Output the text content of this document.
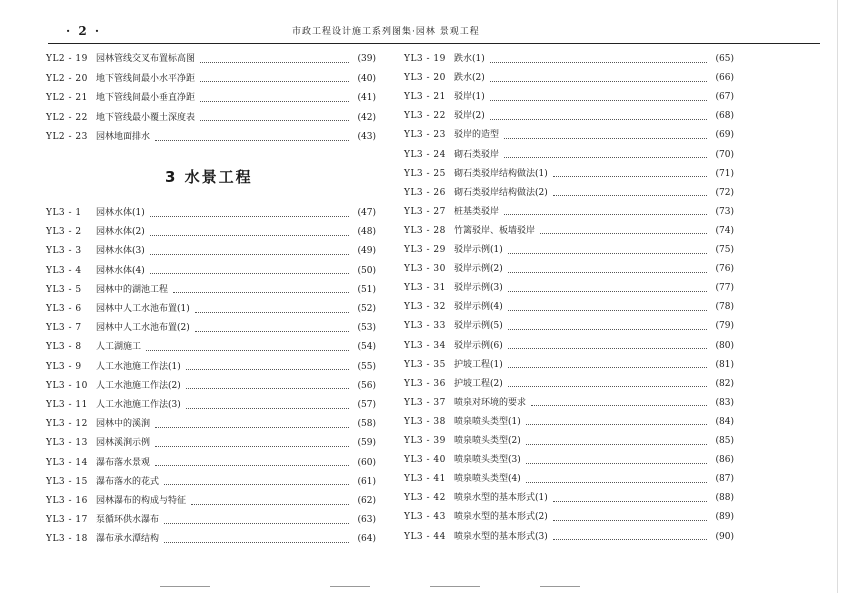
· 2 ·	市政工程设计施工系列图集·园林 景观工程
YL2 - 19 园林管线交叉布置标高图	(39)
YL2 - 20 地下管线间最小水平净距	(40)
YL2 - 21 地下管线间最小垂直净距	(41)
YL2 - 22 地下管线最小覆土深度表	(42)
YL2 - 23 园林地面排水	(43)
YL3 - 1	园林水体(1)	(47)
YL3 - 2	园林水体(2)	(48)
YL3 - 3	园林水体(3)	(49)
YL3 - 4	园林水体(4)	(50)
YL3 - 5	园林中的湖池工程	(51)
YL3 - 6	园林中人工水池布置(1)	(52)
YL3 - 7	园林中人工水池布置(2)	(53)
YL3 - 8	人工湖施工	(54)
YL3 - 9	人工水池施工作法(1)	(55)
YL3 - 10 人工水池施工作法(2)	(56)
YL3 - 11 人工水池施工作法(3)	(57)
YL3 - 12 园林中的溪涧	(58)
YL3 - 13 园林溪涧示例	(59)
YL3 - 14 瀑布落水景观	(60)
YL3 - 15 瀑布落水的花式	(61)
YL3 - 16 园林瀑布的构成与特征	(62)
YL3 - 17 泵循环供水瀑布	(63)
YL3 - 18 瀑布承水潭结构	(64)
3 水景工程
YL3 - 19 跌水(1)	(65)
YL3 - 20 跌水(2)	(66)
YL3 - 21 驳岸(1)	(67)
YL3 - 22 驳岸(2)	(68)
YL3 - 23 驳岸的造型	(69)
YL3 - 24 砌石类驳岸	(70)
YL3 - 25 砌石类驳岸结构做法(1)	(71)
YL3 - 26 砌石类驳岸结构做法(2)	(72)
YL3 - 27 桩基类驳岸	(73)
YL3 - 28 竹篱驳岸、板墙驳岸	(74)
YL3 - 29 驳岸示例(1)	(75)
YL3 - 30 驳岸示例(2)	(76)
YL3 - 31 驳岸示例(3)	(77)
YL3 - 32 驳岸示例(4)	(78)
YL3 - 33 驳岸示例(5)	(79)
YL3 - 34 驳岸示例(6)	(80)
YL3 - 35 护坡工程(1)	(81)
YL3 - 36 护坡工程(2)	(82)
YL3 - 37 喷泉对环境的要求	(83)
YL3 - 38 喷泉喷头类型(1)	(84)
YL3 - 39 喷泉喷头类型(2)	(85)
YL3 - 40 喷泉喷头类型(3)	(86)
YL3 - 41 喷泉喷头类型(4)	(87)
YL3 - 42 喷泉水型的基本形式(1)	(88)
YL3 - 43 喷泉水型的基本形式(2)	(89)
YL3 - 44 喷泉水型的基本形式(3)	(90)
